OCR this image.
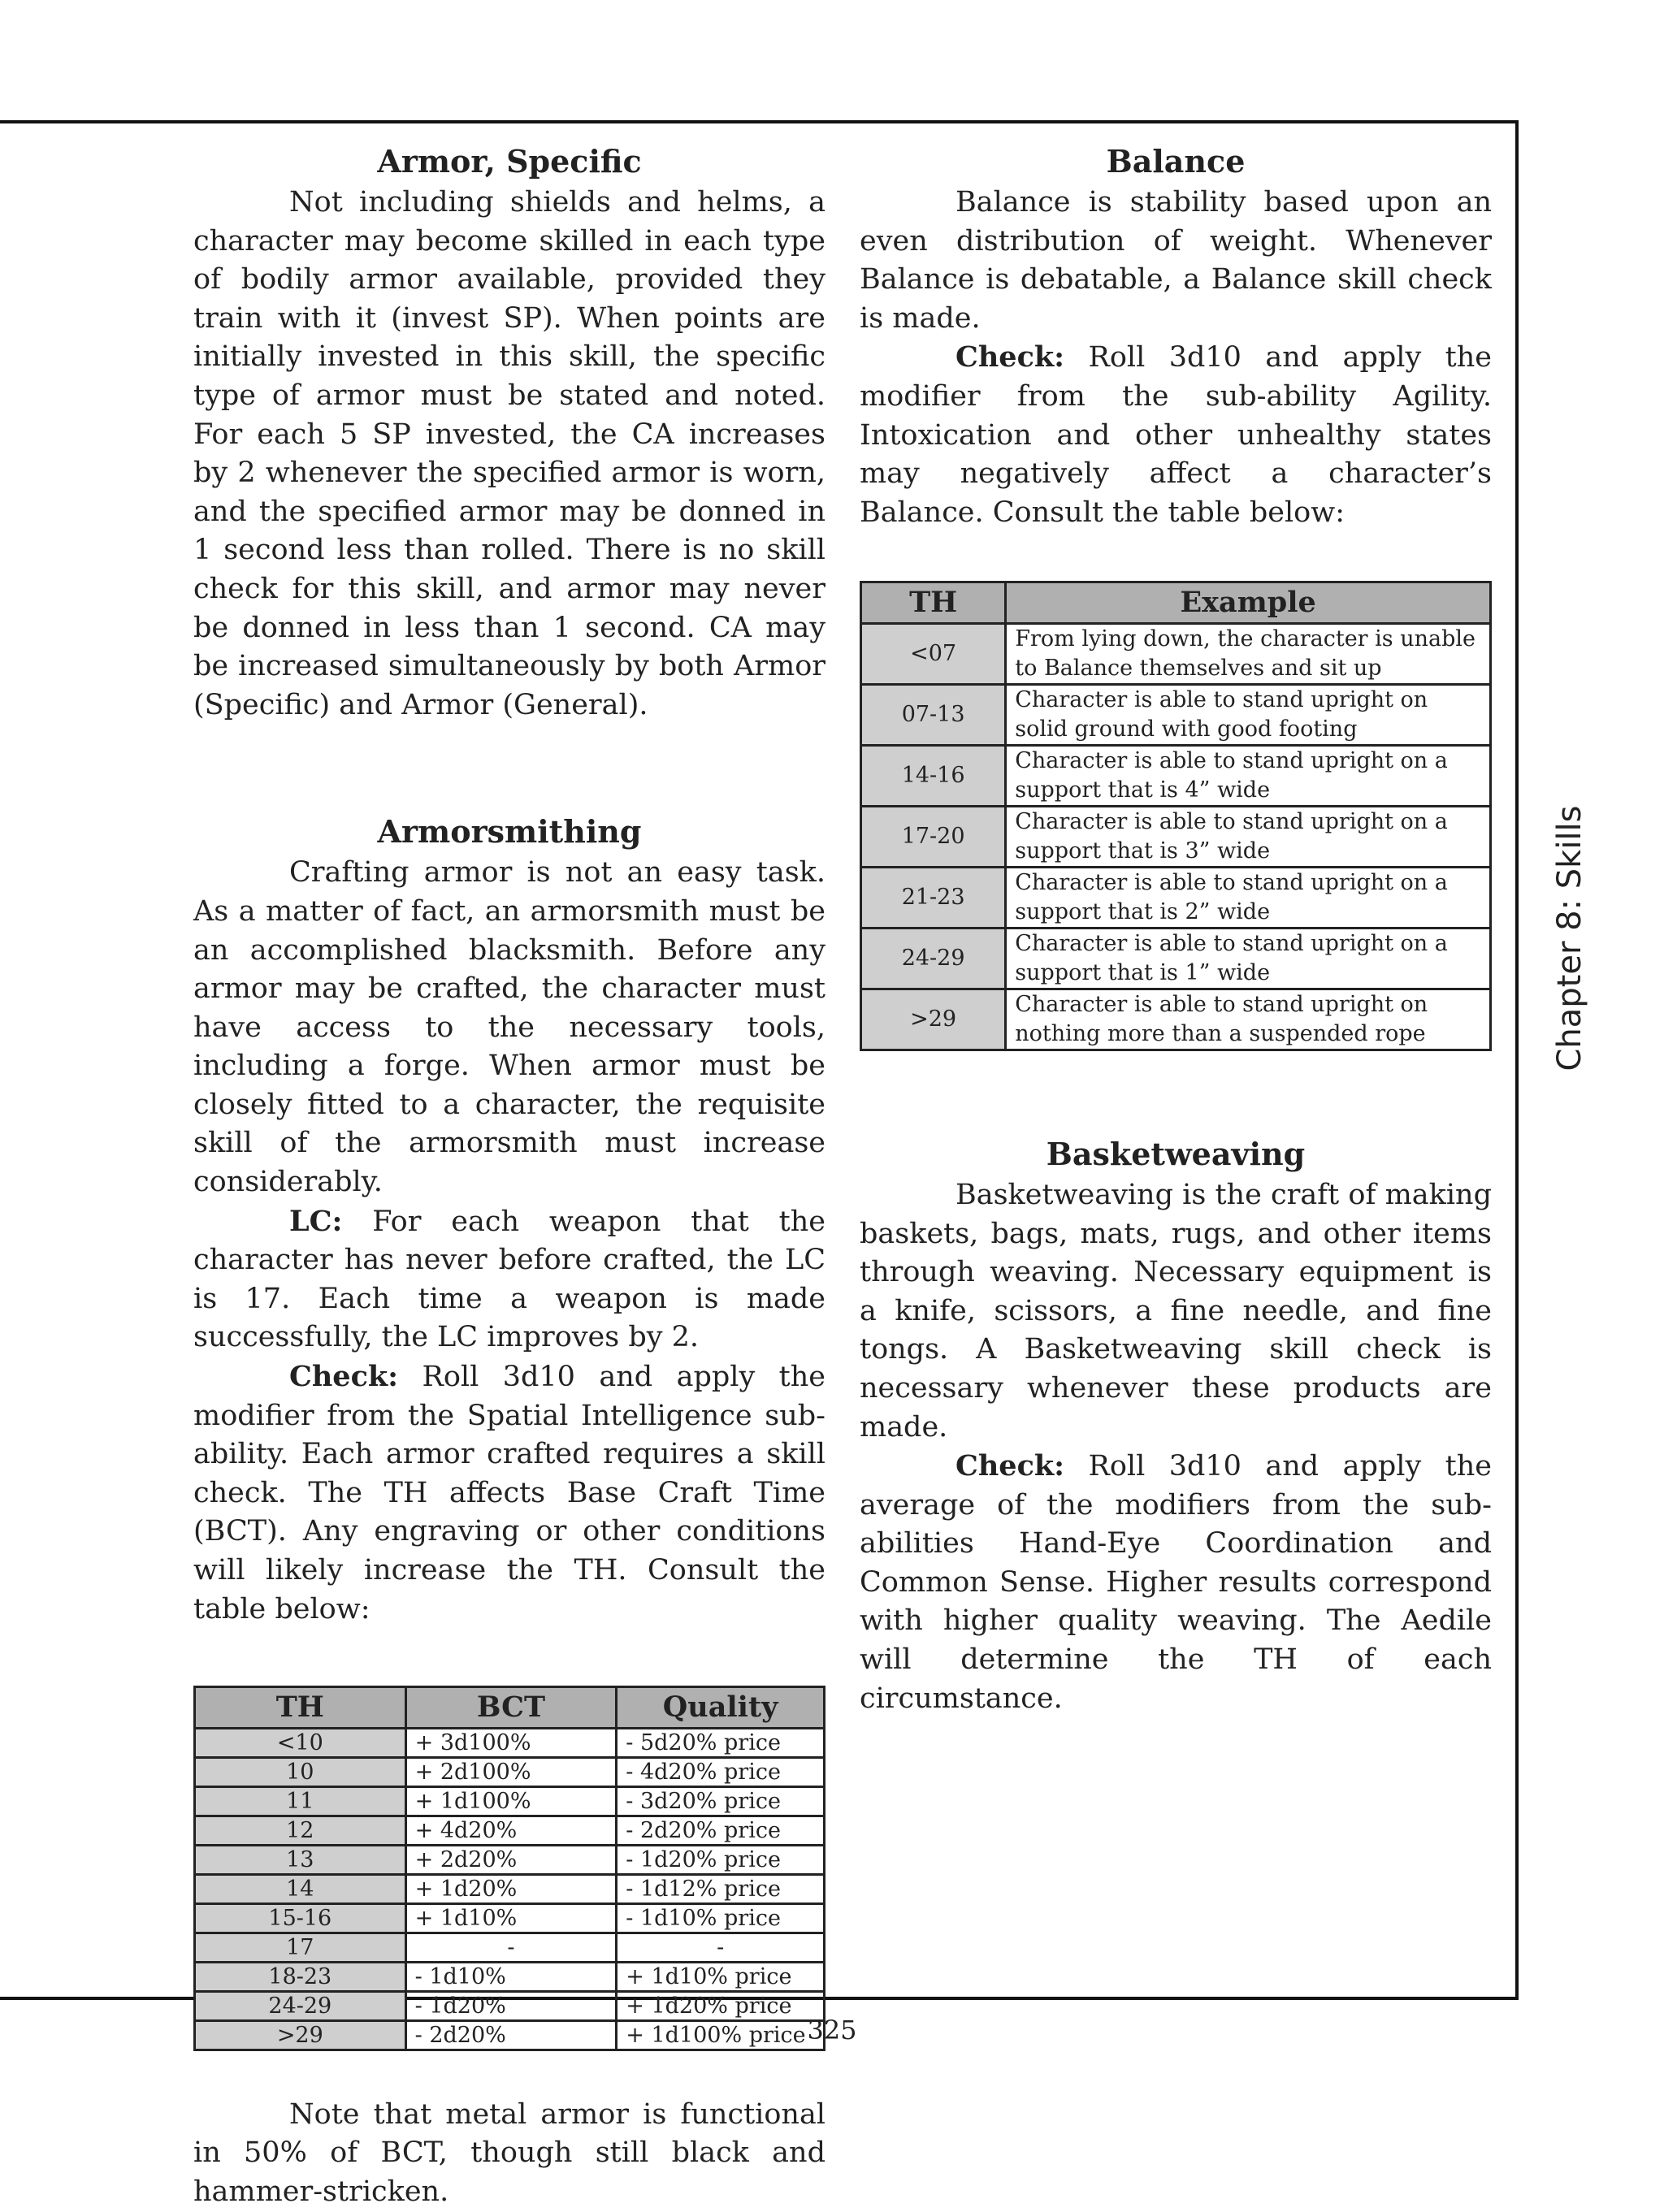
Armor, Specific

Not including shields and helms, a character may become skilled in each type of bodily armor available, provided they train with it (invest SP). When points are initially invested in this skill, the specific type of armor must be stated and noted. For each 5 SP invested, the CA increases by 2 whenever the specified armor is worn, and the specified armor may be donned in 1 second less than rolled. There is no skill check for this skill, and armor may never be donned in less than 1 second. CA may be increased simultaneously by both Armor (Specific) and Armor (General).

Armorsmithing

Crafting armor is not an easy task. As a matter of fact, an armorsmith must be an accomplished blacksmith. Before any armor may be crafted, the character must have access to the necessary tools, including a forge. When armor must be closely fitted to a character, the requisite skill of the armorsmith must increase considerably.

LC: For each weapon that the character has never before crafted, the LC is 17. Each time a weapon is made successfully, the LC improves by 2.

Check: Roll 3d10 and apply the modifier from the Spatial Intelligence sub-ability. Each armor crafted requires a skill check. The TH affects Base Craft Time (BCT). Any engraving or other conditions will likely increase the TH. Consult the table below:

TH	BCT	Quality
<10	+ 3d100%	- 5d20% price
10	+ 2d100%	- 4d20% price
11	+ 1d100%	- 3d20% price
12	+ 4d20%	- 2d20% price
13	+ 2d20%	- 1d20% price
14	+ 1d20%	- 1d12% price
15-16	+ 1d10%	- 1d10% price
17	-	-
18-23	- 1d10%	+ 1d10% price
24-29	- 1d20%	+ 1d20% price
>29	- 2d20%	+ 1d100% price

Note that metal armor is functional in 50% of BCT, though still black and hammer-stricken.

Balance

Balance is stability based upon an even distribution of weight. Whenever Balance is debatable, a Balance skill check is made.

Check: Roll 3d10 and apply the modifier from the sub-ability Agility. Intoxication and other unhealthy states may negatively affect a character’s Balance. Consult the table below:

TH	Example
<07	From lying down, the character is unable to Balance themselves and sit up
07-13	Character is able to stand upright on solid ground with good footing
14-16	Character is able to stand upright on a support that is 4” wide
17-20	Character is able to stand upright on a support that is 3” wide
21-23	Character is able to stand upright on a support that is 2” wide
24-29	Character is able to stand upright on a support that is 1” wide
>29	Character is able to stand upright on nothing more than a suspended rope
Basketweaving

Basketweaving is the craft of making baskets, bags, mats, rugs, and other items through weaving. Necessary equipment is a knife, scissors, a fine needle, and fine tongs. A Basketweaving skill check is necessary whenever these products are made.

Check: Roll 3d10 and apply the average of the modifiers from the sub-abilities Hand-Eye Coordination and Common Sense. Higher results correspond with higher quality weaving. The Aedile will determine the TH of each circumstance.

Chapter 8: Skills
325
